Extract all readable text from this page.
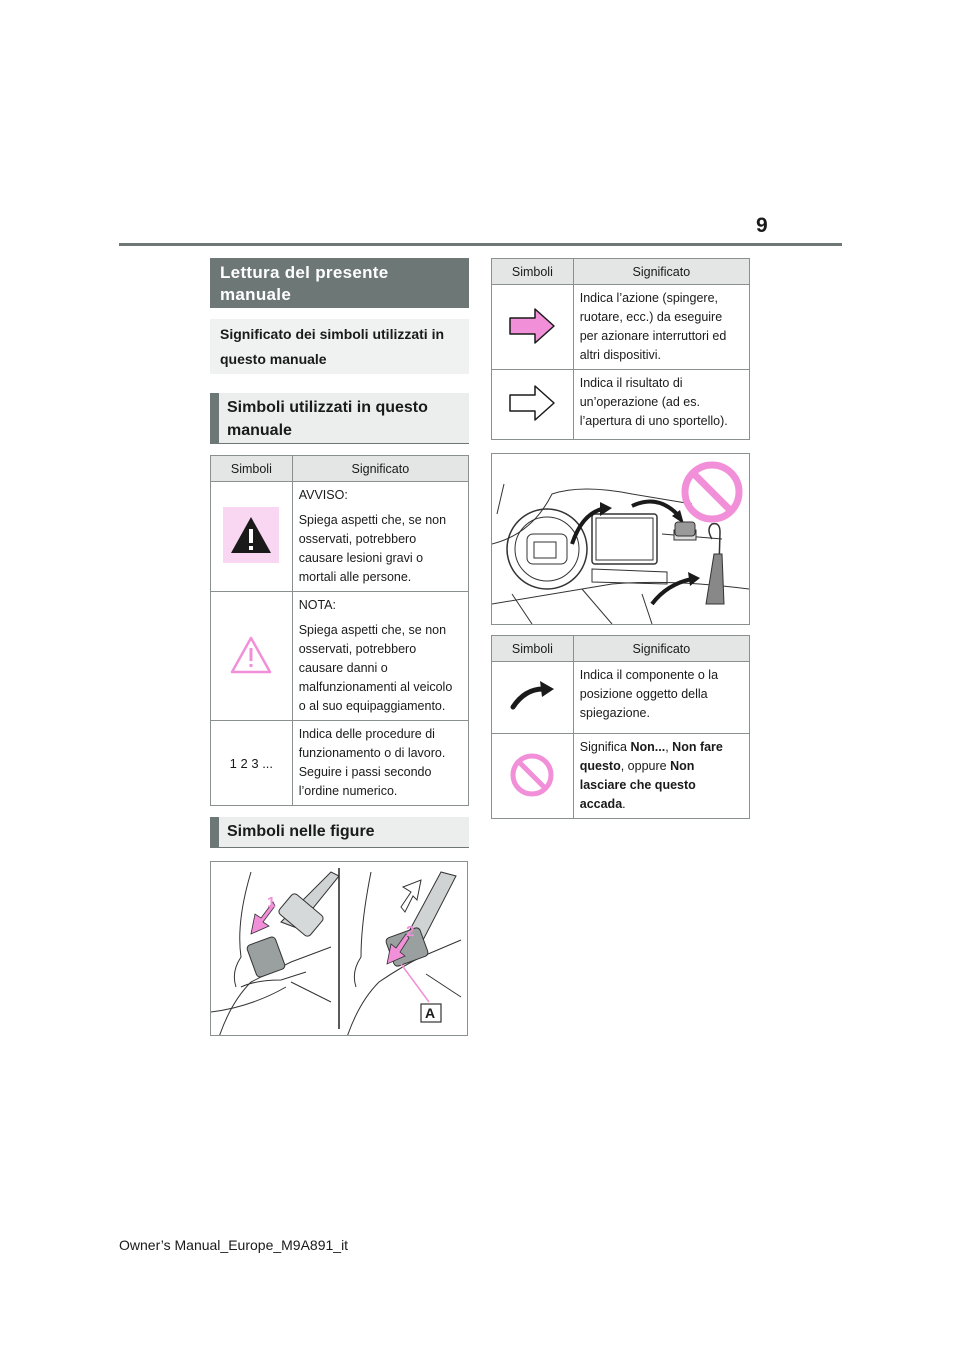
9
Lettura del presente manuale
Significato dei simboli utilizzati in questo manuale
Simboli utilizzati in questo manuale
Simboli	Significato

AVVISO:

Spiega aspetti che, se non osservati, potrebbero causare lesioni gravi o mortali alle persone.

NOTA:

Spiega aspetti che, se non osservati, potrebbero causare danni o malfunzionamenti al veicolo o al suo equipaggiamento.

1 2 3 ...	Indica delle procedure di funzionamento o di lavoro. Seguire i passi secondo l’ordine numerico.
Simboli nelle figure
1
2
A
Simboli	Significato
	Indica l’azione (spingere, ruotare, ecc.) da eseguire per azionare interruttori ed altri dispositivi.
	Indica il risultato di un’operazione (ad es. l’apertura di uno sportello).
Simboli	Significato
	Indica il componente o la posizione oggetto della spiegazione.
	Significa Non..., Non fare questo, oppure Non lasciare che questo accada.
Owner’s Manual_Europe_M9A891_it
